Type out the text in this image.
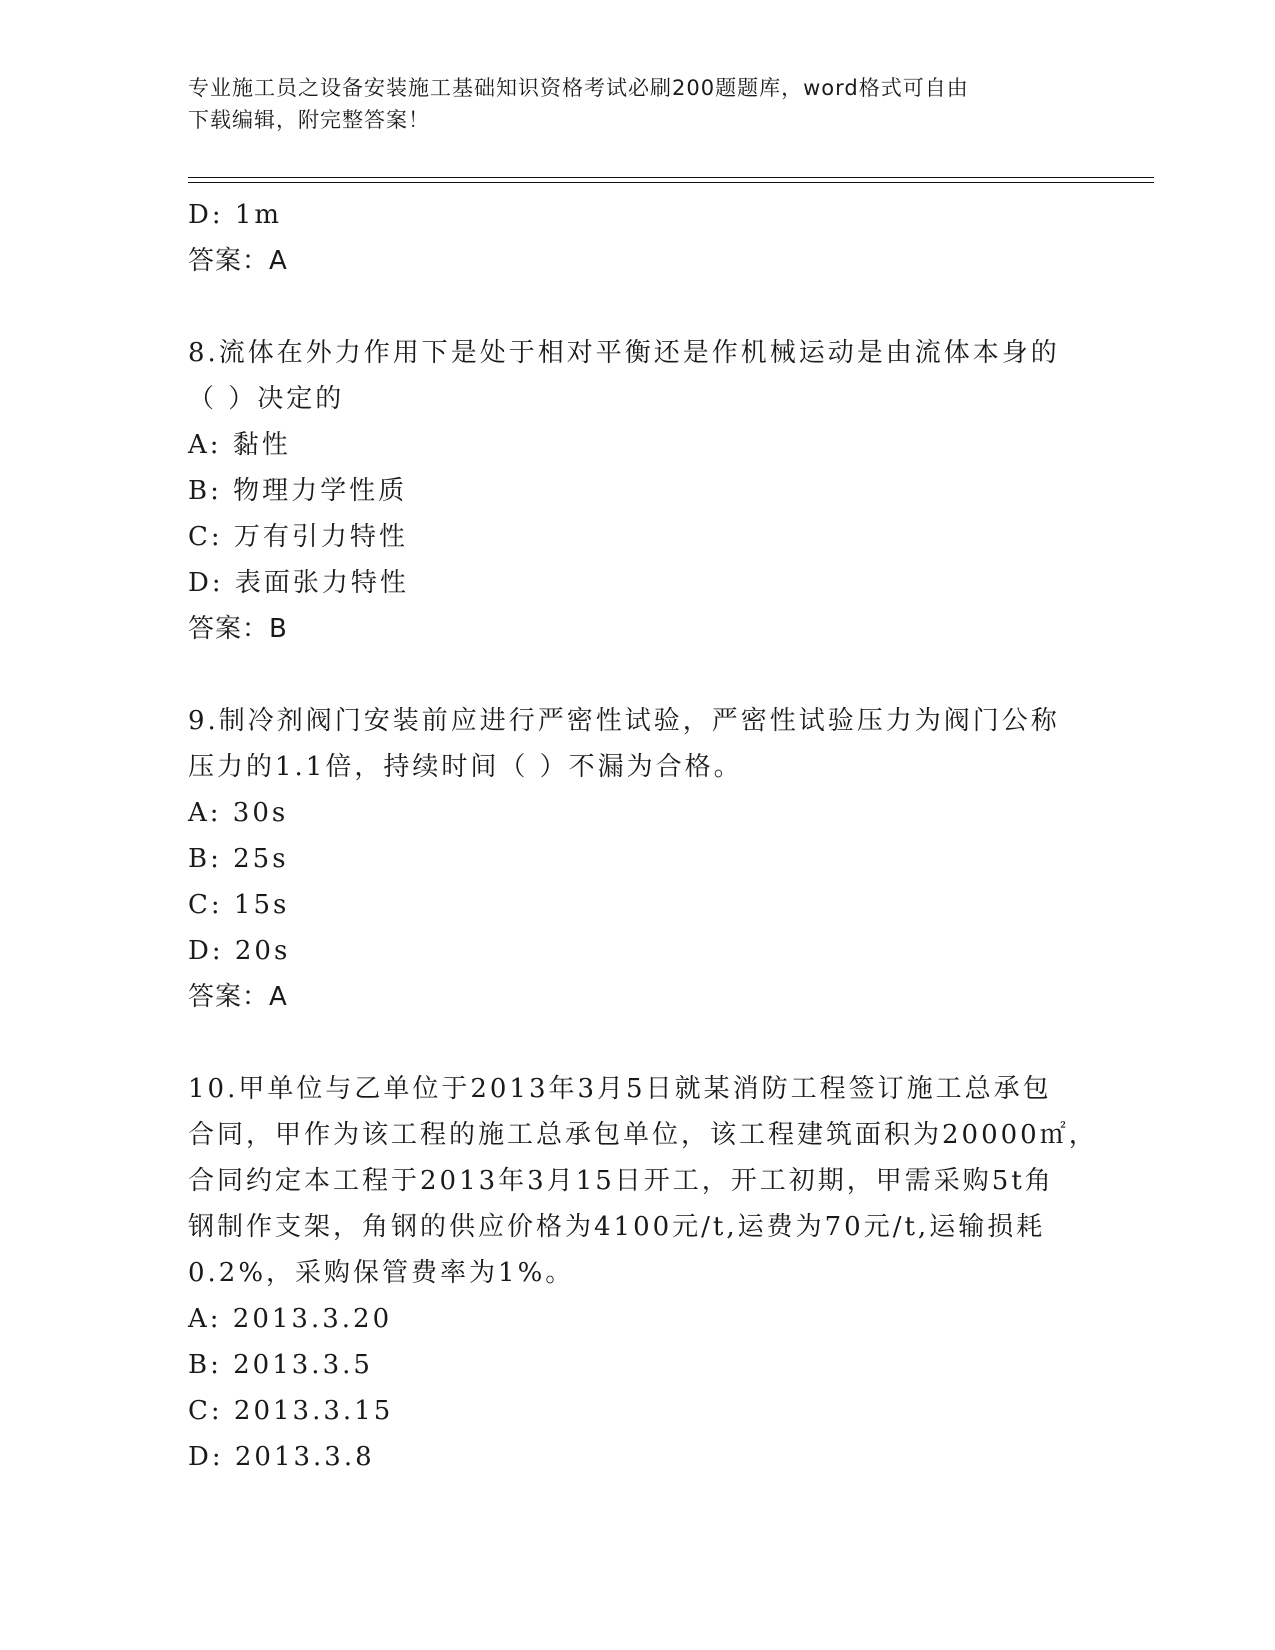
专业施工员之设备安装施工基础知识资格考试必刷200题题库，word格式可自由
下载编辑，附完整答案！
D: 1m
答案：A
8.流体在外力作用下是处于相对平衡还是作机械运动是由流体本身的
（ ）决定的
A: 黏性
B: 物理力学性质
C: 万有引力特性
D: 表面张力特性
答案：B
9.制冷剂阀门安装前应进行严密性试验，严密性试验压力为阀门公称
压力的1.1倍，持续时间（ ）不漏为合格。
A: 30s
B: 25s
C: 15s
D: 20s
答案：A
10.甲单位与乙单位于2013年3月5日就某消防工程签订施工总承包
合同，甲作为该工程的施工总承包单位，该工程建筑面积为20000㎡，
合同约定本工程于2013年3月15日开工，开工初期，甲需采购5t角
钢制作支架，角钢的供应价格为4100元/t,运费为70元/t,运输损耗
0.2%，采购保管费率为1%。
A: 2013.3.20
B: 2013.3.5
C: 2013.3.15
D: 2013.3.8
